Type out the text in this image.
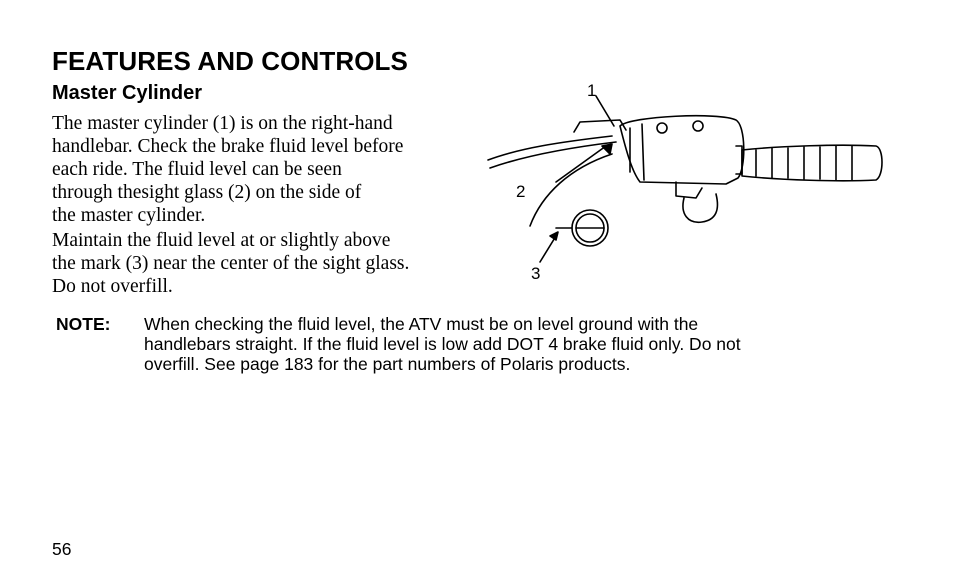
FEATURES AND CONTROLS
Master Cylinder

The master cylinder (1) is on the right-hand
handlebar. Check the brake fluid level before
each ride. The fluid level can be seen
through thesight glass (2) on the side of
the master cylinder.

Maintain the fluid level at or slightly above
the mark (3) near the center of the sight glass.
Do not overfill.

1
2
3
NOTE: When checking the fluid level, the ATV must be on level ground with the
handlebars straight. If the fluid level is low add DOT 4 brake fluid only. Do not
overfill. See page 183 for the part numbers of Polaris products.
56
